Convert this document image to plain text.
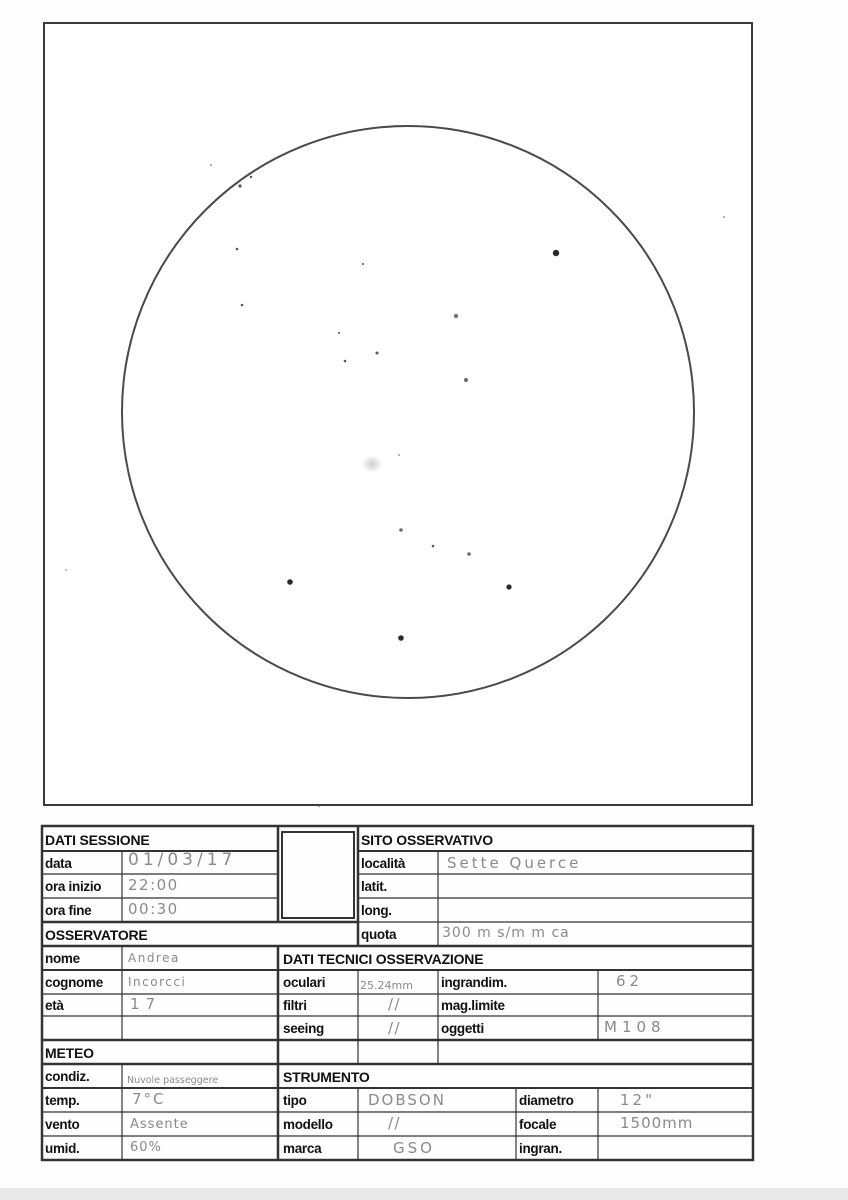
DATI SESSIONE
data	01/03/17
ora inizio 22:00
ora fine 00:30
SITO OSSERVATIVO
località	Sette Querce
latit.
long.
quota	300 m s/m m ca
OSSERVATORE
nome	Andrea
cognome Incorcci
età	17
DATI TECNICI OSSERVAZIONE
oculari	25.24mm ingrandim.	62
filtri	//	mag.limite
seeing	//	oggetti	M108
METEO
condiz.	Nuvole passeggere
temp.	7°C
vento	Assente
umid.	60%
STRUMENTO
tipo	DOBSON	diametro	12"
modello	//	focale	1500mm
marca	GSO	ingran.
